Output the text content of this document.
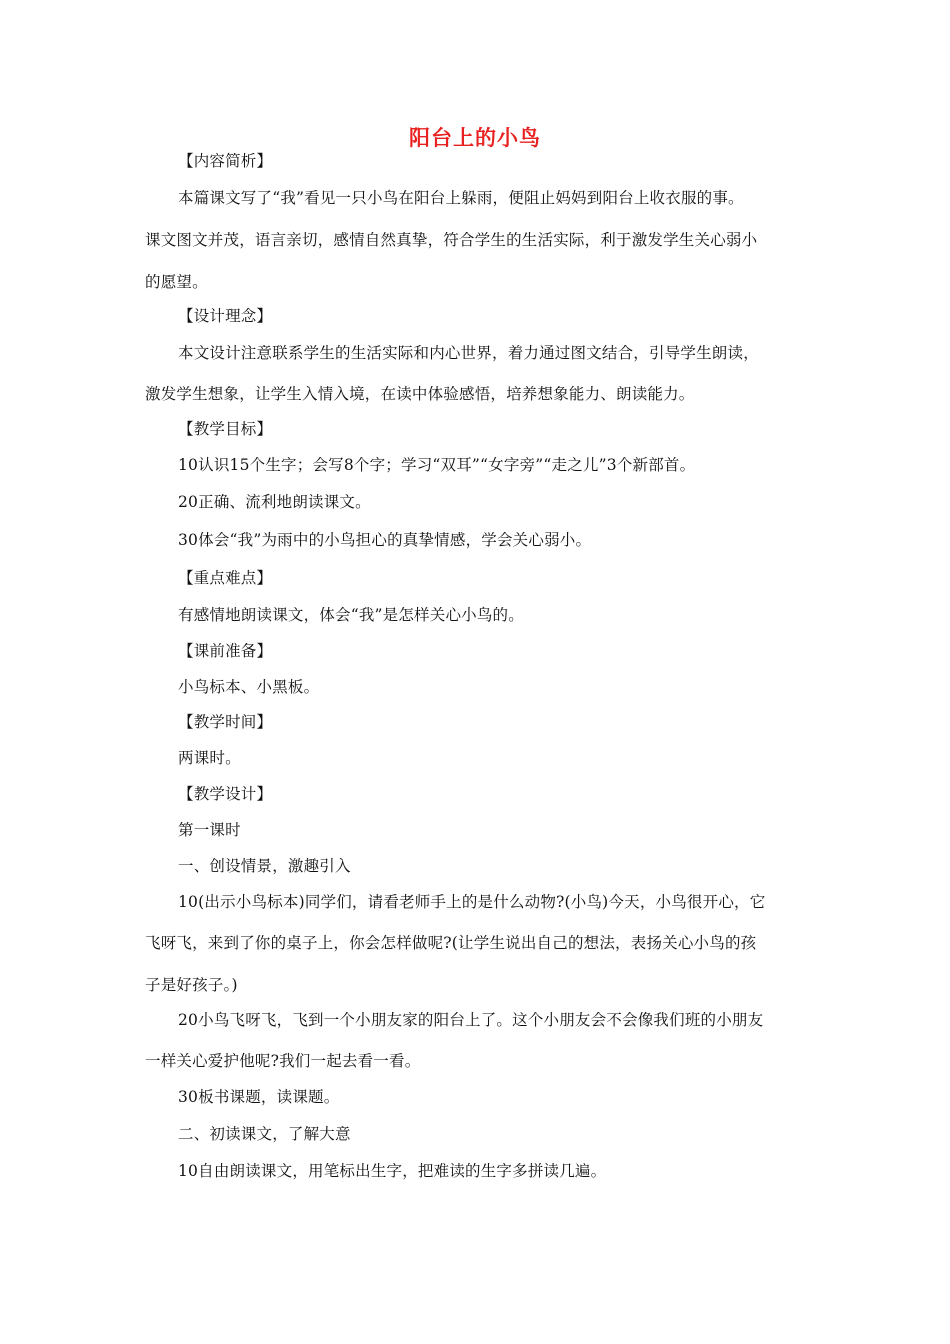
阳台上的小鸟
【内容简析】
本篇课文写了“我”看见一只小鸟在阳台上躲雨，便阻止妈妈到阳台上收衣服的事。
课文图文并茂，语言亲切，感情自然真挚，符合学生的生活实际，利于激发学生关心弱小
的愿望。
【设计理念】
本文设计注意联系学生的生活实际和内心世界，着力通过图文结合，引导学生朗读，
激发学生想象，让学生入情入境，在读中体验感悟，培养想象能力、朗读能力。
【教学目标】
10认识15个生字；会写8个字；学习“双耳”“女字旁”“走之儿”3个新部首。
20正确、流利地朗读课文。
30体会“我”为雨中的小鸟担心的真挚情感，学会关心弱小。
【重点难点】
有感情地朗读课文，体会“我”是怎样关心小鸟的。
【课前准备】
小鸟标本、小黑板。
【教学时间】
两课时。
【教学设计】
第一课时
一、创设情景，激趣引入
10(出示小鸟标本)同学们，请看老师手上的是什么动物?(小鸟)今天，小鸟很开心，它
飞呀飞，来到了你的桌子上，你会怎样做呢?(让学生说出自己的想法，表扬关心小鸟的孩
子是好孩子。)
20小鸟飞呀飞，飞到一个小朋友家的阳台上了。这个小朋友会不会像我们班的小朋友
一样关心爱护他呢?我们一起去看一看。
30板书课题，读课题。
二、初读课文，了解大意
10自由朗读课文，用笔标出生字，把难读的生字多拼读几遍。
